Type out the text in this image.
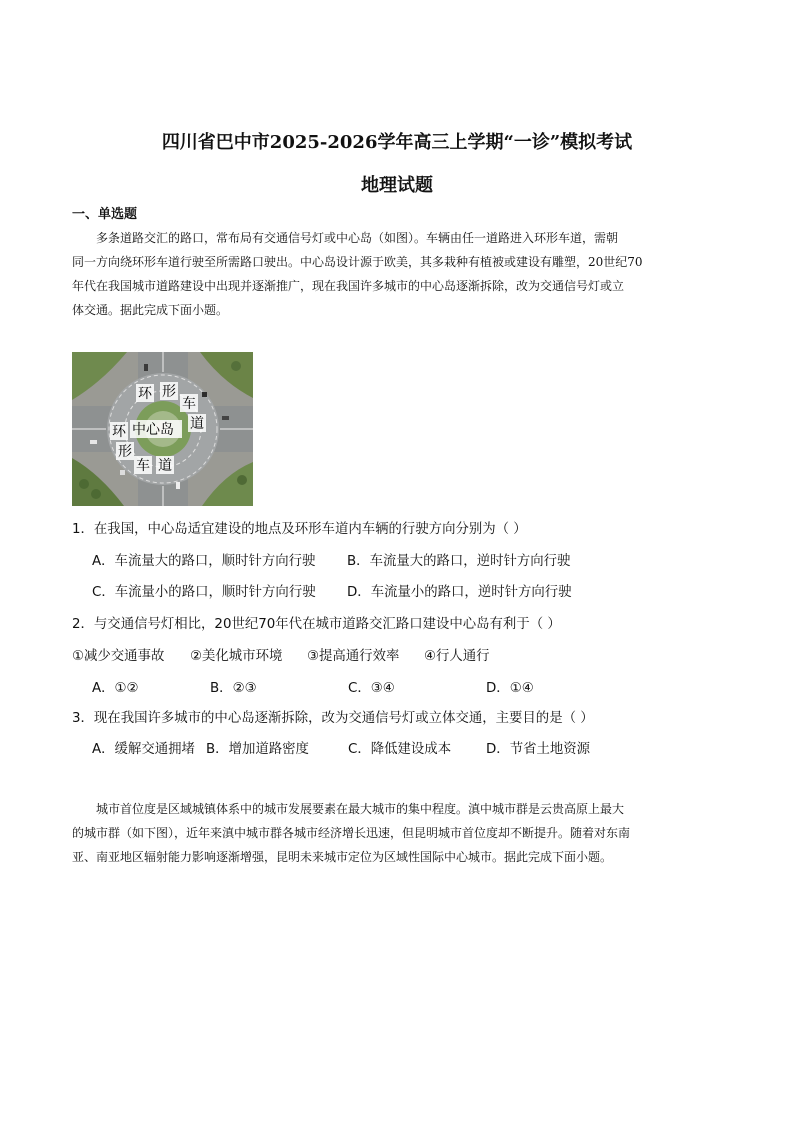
四川省巴中市2025-2026学年高三上学期“一诊”模拟考试
地理试题
一、单选题
多条道路交汇的路口，常布局有交通信号灯或中心岛（如图）。车辆由任一道路进入环形车道，需朝
同一方向绕环形车道行驶至所需路口驶出。中心岛设计源于欧美，其多栽种有植被或建设有雕塑，20世纪70
年代在我国城市道路建设中出现并逐渐推广，现在我国许多城市的中心岛逐渐拆除，改为交通信号灯或立
体交通。据此完成下面小题。
环 形
车
道
环 中心岛
形
车 道
1．在我国，中心岛适宜建设的地点及环形车道内车辆的行驶方向分别为（ ）
A．车流量大的路口，顺时针方向行驶 B．车流量大的路口，逆时针方向行驶
C．车流量小的路口，顺时针方向行驶 D．车流量小的路口，逆时针方向行驶
2．与交通信号灯相比，20世纪70年代在城市道路交汇路口建设中心岛有利于（ ）
①减少交通事故 ②美化城市环境 ③提高通行效率 ④行人通行
A．①②	B．②③	C．③④	D．①④
3．现在我国许多城市的中心岛逐渐拆除，改为交通信号灯或立体交通，主要目的是（ ）
A．缓解交通拥堵 B．增加道路密度	C．降低建设成本	D．节省土地资源
城市首位度是区域城镇体系中的城市发展要素在最大城市的集中程度。滇中城市群是云贵高原上最大
的城市群（如下图），近年来滇中城市群各城市经济增长迅速，但昆明城市首位度却不断提升。随着对东南
亚、南亚地区辐射能力影响逐渐增强，昆明未来城市定位为区域性国际中心城市。据此完成下面小题。
